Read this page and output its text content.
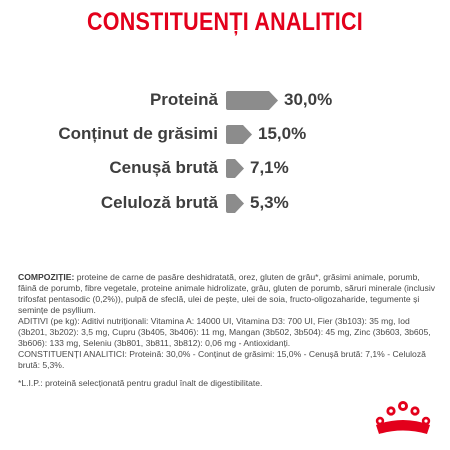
CONSTITUENȚI ANALITICI
Proteină	30,0%
Conținut de grăsimi 15,0%
Cenușă brută 7,1%
Celuloză brută 5,3%

COMPOZIȚIE: proteine de carne de pasăre deshidratată, orez, gluten de grâu*, grăsimi animale, porumb, făină de porumb, fibre vegetale, proteine animale hidrolizate, grâu, gluten de porumb, săruri minerale (inclusiv trifosfat pentasodic (0,2%)), pulpă de sfeclă, ulei de pește, ulei de soia, fructo-oligozaharide, tegumente și semințe de psyllium.

ADITIVI (pe kg): Aditivi nutriționali: Vitamina A: 14000 UI, Vitamina D3: 700 UI, Fier (3b103): 35 mg, Iod (3b201, 3b202): 3,5 mg, Cupru (3b405, 3b406): 11 mg, Mangan (3b502, 3b504): 45 mg, Zinc (3b603, 3b605, 3b606): 133 mg, Seleniu (3b801, 3b811, 3b812): 0,06 mg - Antioxidanți.

CONSTITUENȚI ANALITICI: Proteină: 30,0% - Conținut de grăsimi: 15,0% - Cenușă brută: 7,1% - Celuloză brută: 5,3%.

*L.I.P.: proteină selecționată pentru gradul înalt de digestibilitate.
